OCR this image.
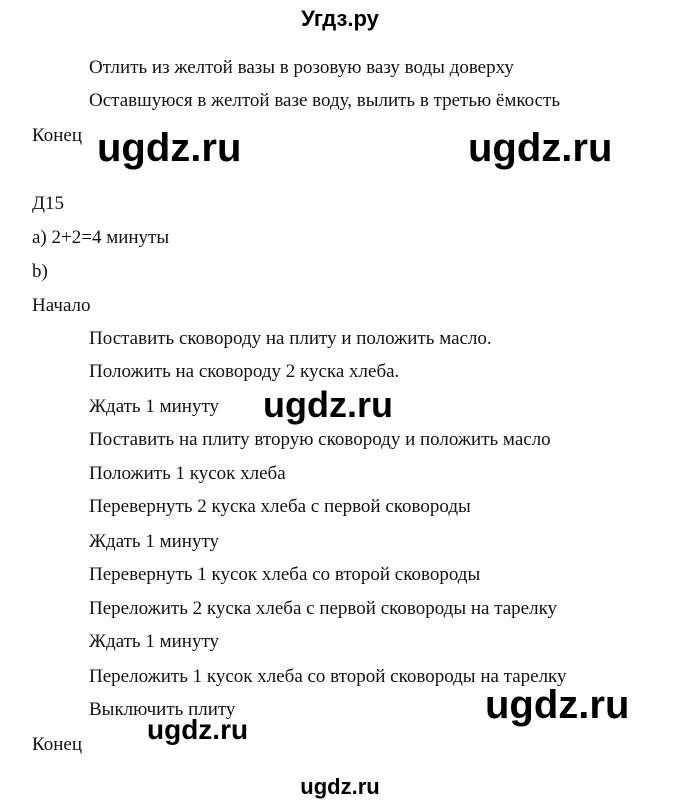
Угдз.ру
Отлить из желтой вазы в розовую вазу воды доверху
Оставшуюся в желтой вазе воду, вылить в третью ёмкость
Конец
Д15
а) 2+2=4 минуты
b)
Начало
Поставить сковороду на плиту и положить масло.
Положить на сковороду 2 куска хлеба.
Ждать 1 минуту
Поставить на плиту вторую сковороду и положить масло
Положить 1 кусок хлеба
Перевернуть 2 куска хлеба с первой сковороды
Ждать 1 минуту
Перевернуть 1 кусок хлеба со второй сковороды
Переложить 2 куска хлеба с первой сковороды на тарелку
Ждать 1 минуту
Переложить 1 кусок хлеба со второй сковороды на тарелку
Выключить плиту
Конец
ugdz.ru	ugdz.ru
ugdz.ru
ugdz.ru
ugdz.ru
ugdz.ru
